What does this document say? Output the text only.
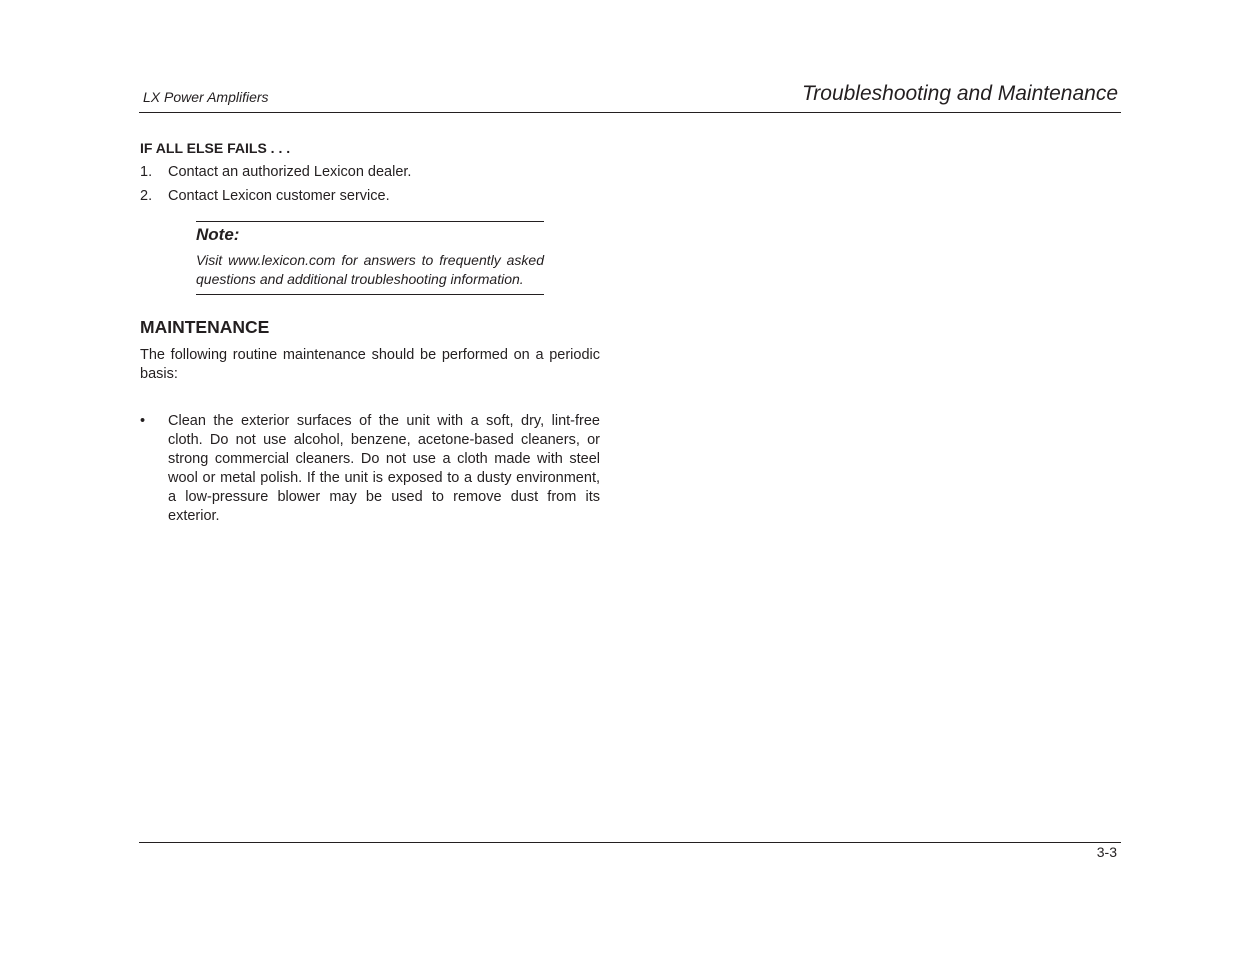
LX Power Amplifiers	Troubleshooting and Maintenance
IF ALL ELSE FAILS . . .
1. Contact an authorized Lexicon dealer.
2. Contact Lexicon customer service.
Note:
Visit www.lexicon.com for answers to frequently asked questions and additional troubleshooting information.
MAINTENANCE

The following routine maintenance should be performed on a periodic basis:

• Clean the exterior surfaces of the unit with a soft, dry, lint-free cloth. Do not use alcohol, benzene, acetone-based cleaners, or strong commercial cleaners. Do not use a cloth made with steel wool or metal polish. If the unit is exposed to a dusty environment, a low-pressure blower may be used to remove dust from its exterior.
3-3
